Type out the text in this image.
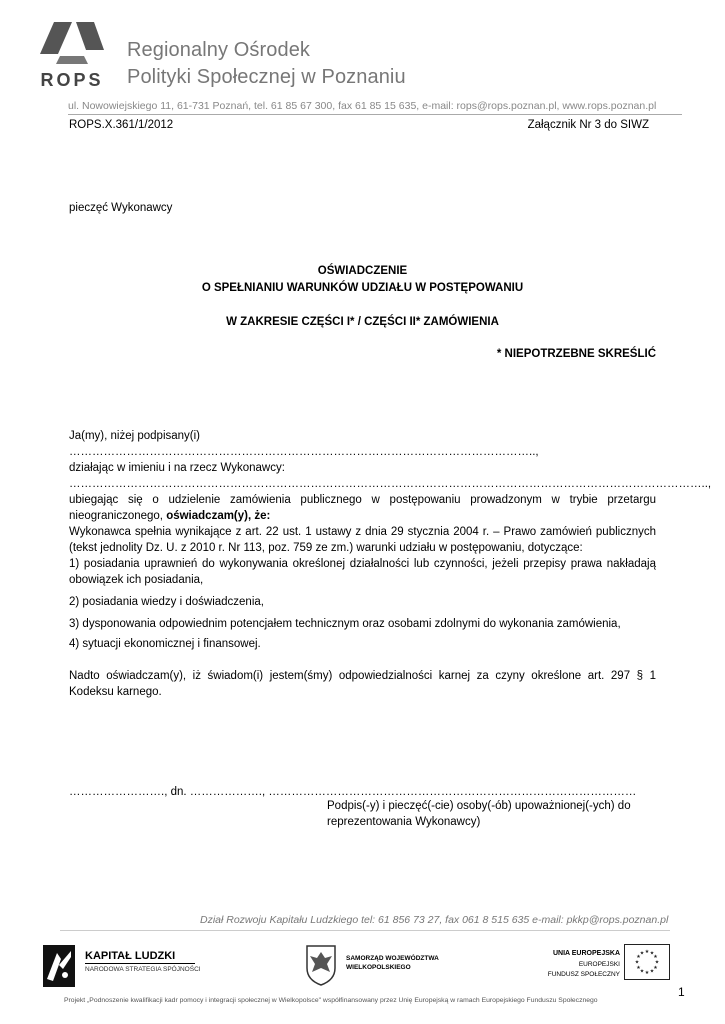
ROPS
Regionalny Ośrodek
Polityki Społecznej w Poznaniu
ul. Nowowiejskiego 11, 61-731 Poznań, tel. 61 85 67 300, fax 61 85 15 635, e-mail: rops@rops.poznan.pl, www.rops.poznan.pl
ROPS.X.361/1/2012	Załącznik Nr 3 do SIWZ
pieczęć Wykonawcy
OŚWIADCZENIE
O SPEŁNIANIU WARUNKÓW UDZIAŁU W POSTĘPOWANIU
W ZAKRESIE CZĘŚCI I* / CZĘŚCI II* ZAMÓWIENIA
* NIEPOTRZEBNE SKREŚLIĆ
Ja(my), niżej podpisany(i) …………………………………………………………………………………………………………..,
działając w imieniu i na rzecz Wykonawcy:
…………………………………………………………………………………………………………………………………………………..,
ubiegając się o udzielenie zamówienia publicznego w postępowaniu prowadzonym w trybie przetargu nieograniczonego, oświadczam(y), że:
Wykonawca spełnia wynikające z art. 22 ust. 1 ustawy z dnia 29 stycznia 2004 r. – Prawo zamówień publicznych (tekst jednolity Dz. U. z 2010 r. Nr 113, poz. 759 ze zm.) warunki udziału w postępowaniu, dotyczące:
1) posiadania uprawnień do wykonywania określonej działalności lub czynności, jeżeli przepisy prawa nakładają obowiązek ich posiadania,
2) posiadania wiedzy i doświadczenia,
3) dysponowania odpowiednim potencjałem technicznym oraz osobami zdolnymi do wykonania zamówienia,
4) sytuacji ekonomicznej i finansowej.
Nadto oświadczam(y), iż świadom(i) jestem(śmy) odpowiedzialności karnej za czyny określone art. 297 § 1 Kodeksu karnego.
……………………., dn. ………………., ……………………………………………………………………………………
Podpis(-y) i pieczęć(-cie) osoby(-ób) upoważnionej(-ych) do reprezentowania Wykonawcy)
Dział Rozwoju Kapitału Ludzkiego tel: 61 856 73 27, fax 061 8 515 635 e-mail: pkkp@rops.poznan.pl
KAPITAŁ LUDZKI
NARODOWA STRATEGIA SPÓJNOŚCI
SAMORZĄD WOJEWÓDZTWA
WIELKOPOLSKIEGO
UNIA EUROPEJSKA
EUROPEJSKI
FUNDUSZ SPOŁECZNY
★ ★
★
★
★
★
★
★
★
★
★
★
Projekt „Podnoszenie kwalifikacji kadr pomocy i integracji społecznej w Wielkopolsce" współfinansowany przez Unię Europejską w ramach Europejskiego Funduszu Społecznego
1
